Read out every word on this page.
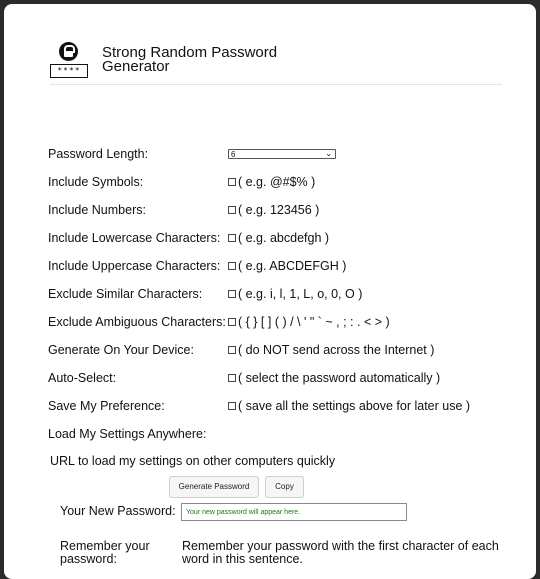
****
Strong Random Password
Generator
Password Length:	6	⌄
Include Symbols:	( e.g. @#$% )
Include Numbers:	( e.g. 123456 )
Include Lowercase Characters: ( e.g. abcdefgh )
Include Uppercase Characters: ( e.g. ABCDEFGH )
Exclude Similar Characters:	( e.g. i, l, 1, L, o, 0, O )
Exclude Ambiguous Characters: ( { } [ ] ( ) / \ ' " ` ~ , ; : . < > )
Generate On Your Device:	( do NOT send across the Internet )
Auto-Select:	( select the password automatically )
Save My Preference:	( save all the settings above for later use )
Load My Settings Anywhere:
URL to load my settings on other computers quickly
Generate Password	Copy
Your New Password:	Your new password will appear here.
Remember your password:
Remember your password with the first character of each word in this sentence.
